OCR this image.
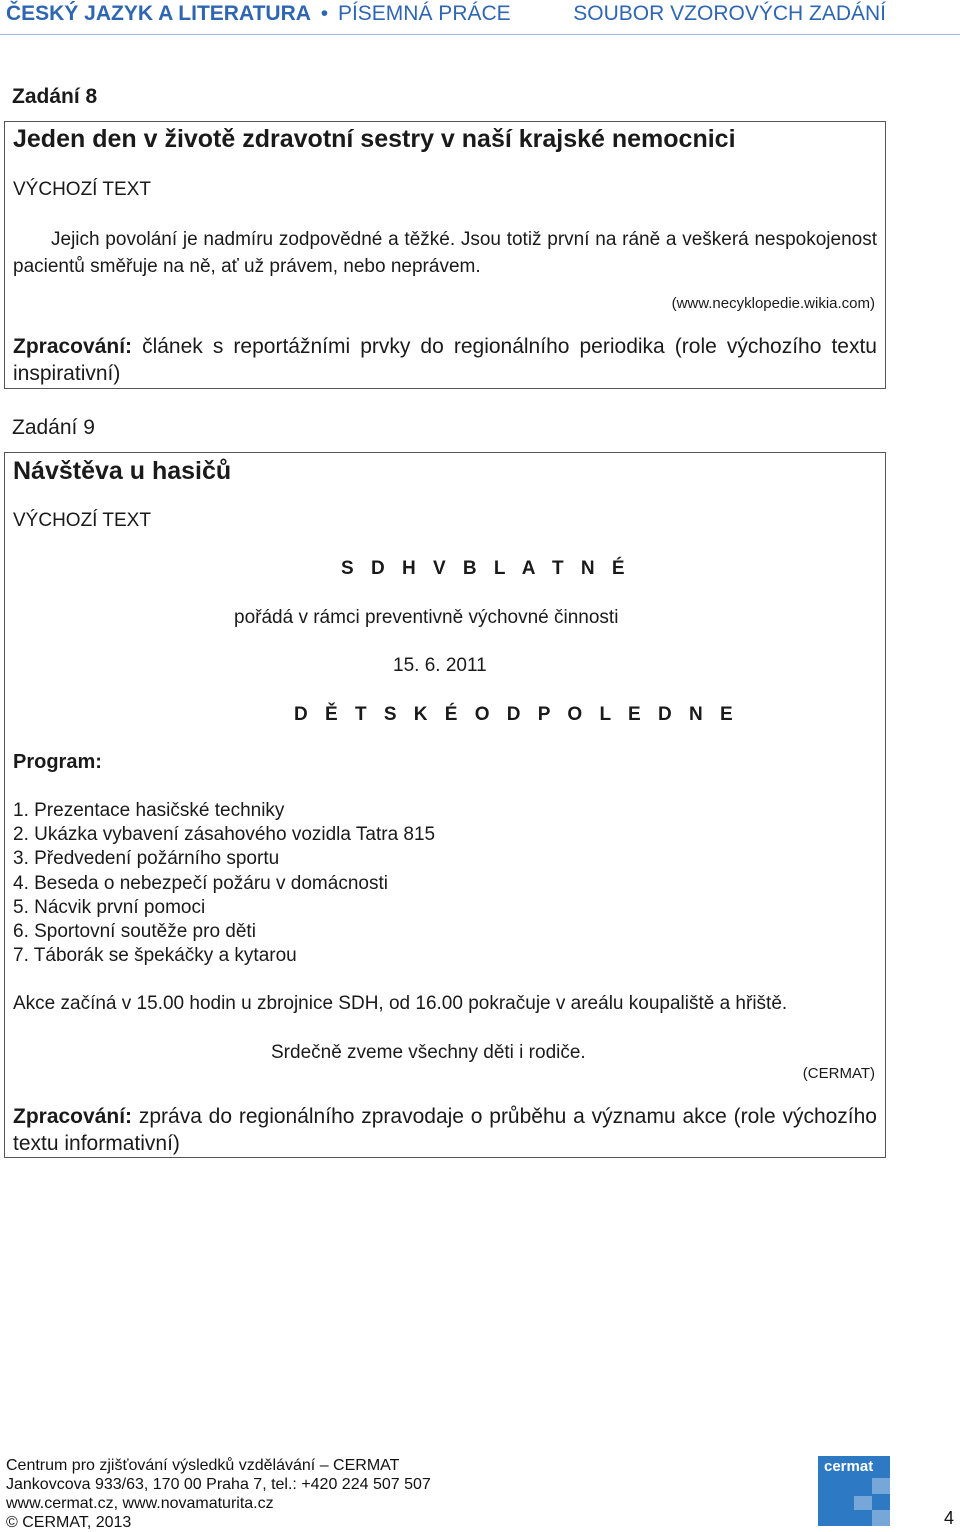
ČESKÝ JAZYK A LITERATURA • PÍSEMNÁ PRÁCE	SOUBOR VZOROVÝCH ZADÁNÍ
Zadání 8
Jeden den v životě zdravotní sestry v naší krajské nemocnici
VÝCHOZÍ TEXT
Jejich povolání je nadmíru zodpovědné a těžké. Jsou totiž první na ráně a veškerá nespokojenost pacientů směřuje na ně, ať už právem, nebo neprávem.
(www.necyklopedie.wikia.com)
Zpracování: článek s reportážními prvky do regionálního periodika (role výchozího textu inspirativní)
Zadání 9
Návštěva u hasičů
VÝCHOZÍ TEXT
S D H V B L A T N É
pořádá v rámci preventivně výchovné činnosti
15. 6. 2011
D Ě T S K É O D P O L E D N E
Program:
1. Prezentace hasičské techniky
2. Ukázka vybavení zásahového vozidla Tatra 815
3. Předvedení požárního sportu
4. Beseda o nebezpečí požáru v domácnosti
5. Nácvik první pomoci
6. Sportovní soutěže pro děti
7. Táborák se špekáčky a kytarou
Akce začíná v 15.00 hodin u zbrojnice SDH, od 16.00 pokračuje v areálu koupaliště a hřiště.
Srdečně zveme všechny děti i rodiče.
(CERMAT)
Zpracování: zpráva do regionálního zpravodaje o průběhu a významu akce (role výchozího textu informativní)
Centrum pro zjišťování výsledků vzdělávání – CERMAT
Jankovcova 933/63, 170 00 Praha 7, tel.: +420 224 507 507
www.cermat.cz, www.novamaturita.cz
© CERMAT, 2013
cermat
4
